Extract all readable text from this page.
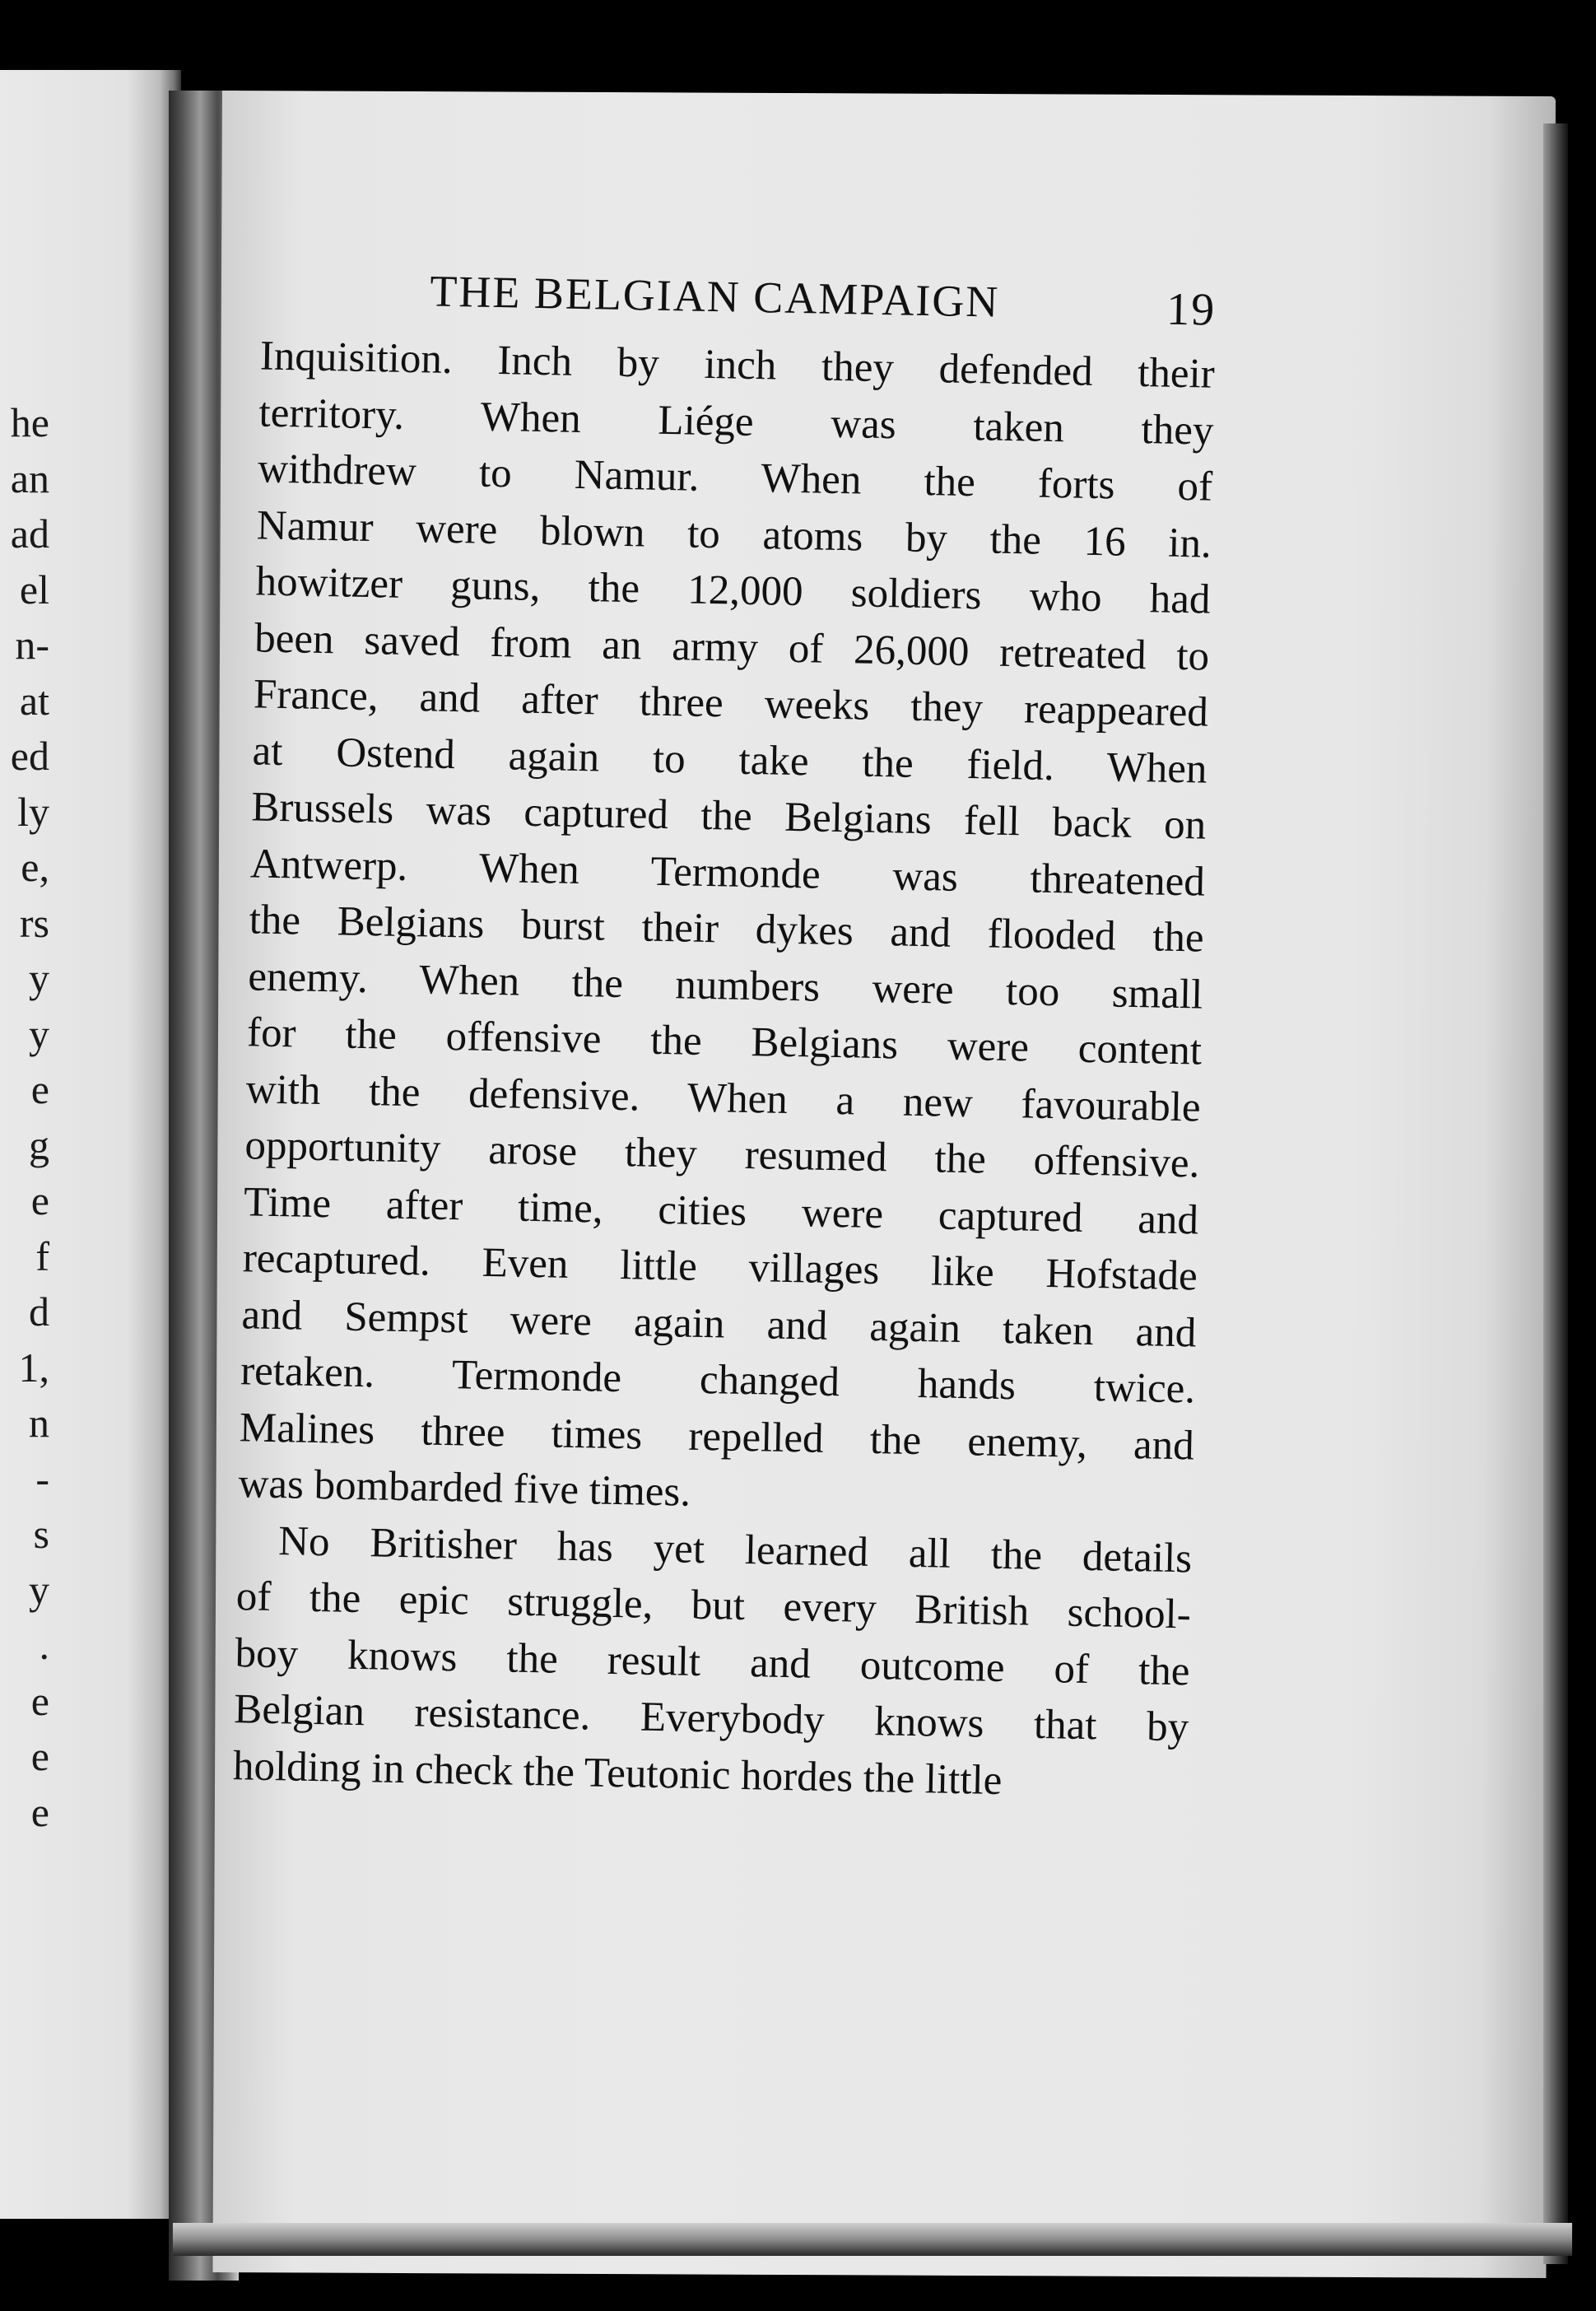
he
an
ad
el
n-
at
ed
ly
e,
rs
y
y
e
g
e
f
d
1,
n
-
s
y
.
e
e
e
THE BELGIAN CAMPAIGN	19

Inquisition. Inch by inch they defended their
territory. When Liége was taken they
withdrew to Namur. When the forts of
Namur were blown to atoms by the 16 in.
howitzer guns, the 12,000 soldiers who had
been saved from an army of 26,000 retreated to
France, and after three weeks they reappeared
at Ostend again to take the field. When
Brussels was captured the Belgians fell back on
Antwerp. When Termonde was threatened
the Belgians burst their dykes and flooded the
enemy. When the numbers were too small
for the offensive the Belgians were content
with the defensive. When a new favourable
opportunity arose they resumed the offensive.
Time after time, cities were captured and
recaptured. Even little villages like Hofstade
and Sempst were again and again taken and
retaken. Termonde changed hands twice.
Malines three times repelled the enemy, and
was bombarded five times.

No Britisher has yet learned all the details
of the epic struggle, but every British school-
boy knows the result and outcome of the
Belgian resistance. Everybody knows that by
holding in check the Teutonic hordes the little
